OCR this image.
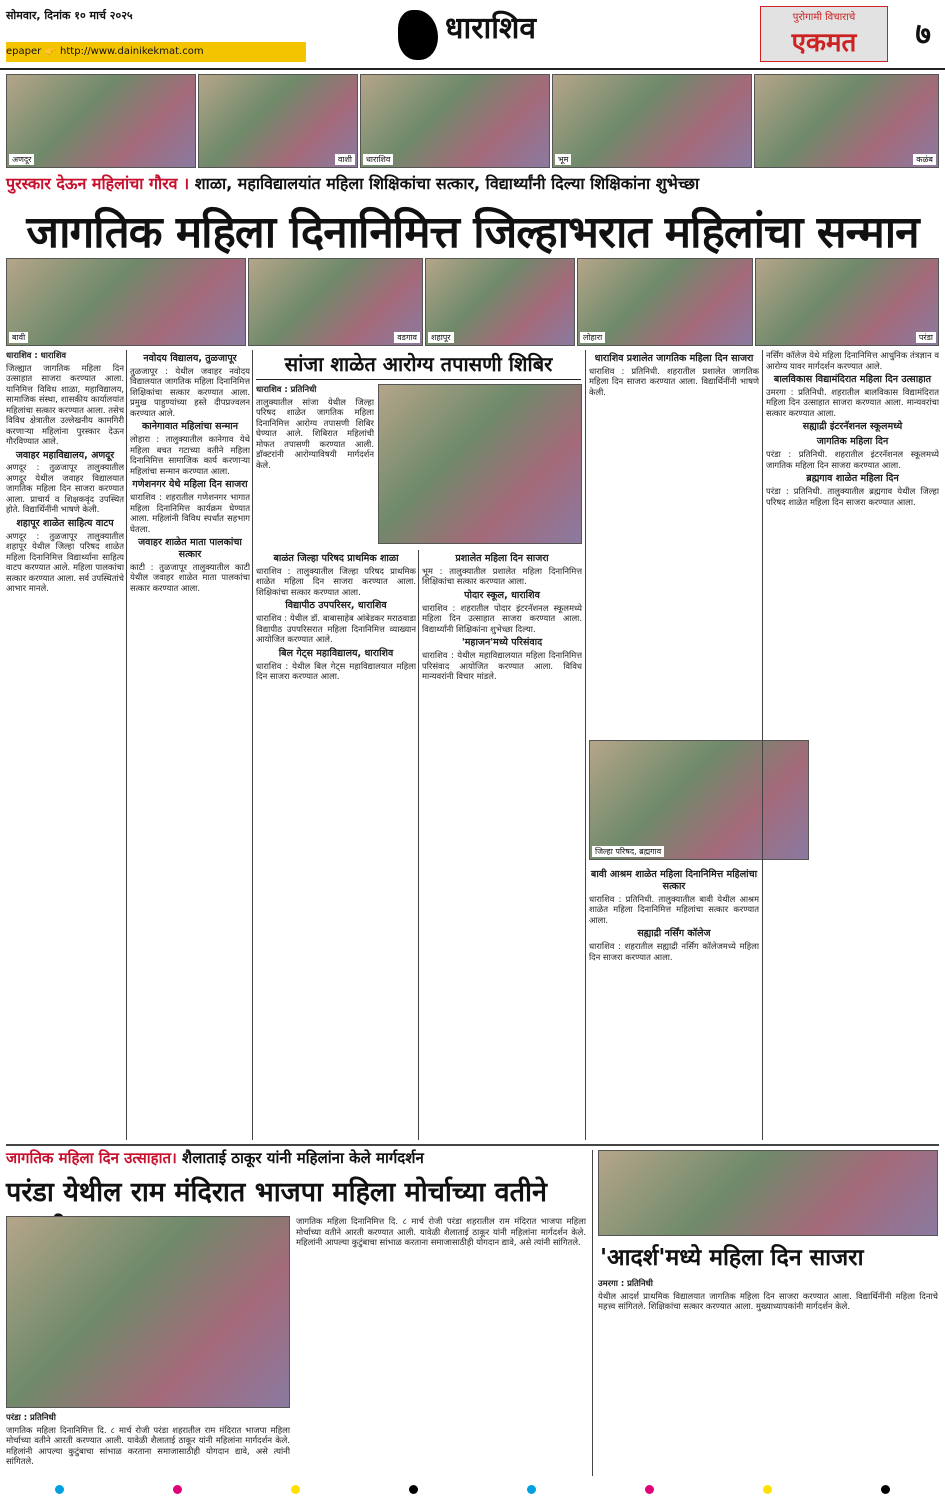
सोमवार, दिनांक १० मार्च २०२५
epaper 👉 http://www.dainikekmat.com
धाराशिव	पुरोगामी विचाराचे
एकमत	७
अणदूर	वाशी	धाराशिव	भूम	कळंब
पुरस्कार देऊन महिलांचा गौरव । शाळा, महाविद्यालयांत महिला शिक्षिकांचा सत्कार, विद्यार्थ्यांनी दिल्या शिक्षिकांना शुभेच्छा
जागतिक महिला दिनानिमित्त जिल्हाभरात महिलांचा सन्मान
बावी	वडगाव	शहापूर	लोहारा	परंडा

धाराशिव : धाराशिव

जिल्ह्यात जागतिक महिला दिन उत्साहात साजरा करण्यात आला. यानिमित्त विविध शाळा, महाविद्यालय, सामाजिक संस्था, शासकीय कार्यालयांत महिलांचा सत्कार करण्यात आला. तसेच विविध क्षेत्रातील उल्लेखनीय कामगिरी करणाऱ्या महिलांना पुरस्कार देऊन गौरविण्यात आले.

जवाहर महाविद्यालय, अणदूर

अणदूर : तुळजापूर तालुक्यातील अणदूर येथील जवाहर विद्यालयात जागतिक महिला दिन साजरा करण्यात आला. प्राचार्य व शिक्षकवृंद उपस्थित होते. विद्यार्थिनींनी भाषणे केली.

शहापूर शाळेत साहित्य वाटप

अणदूर : तुळजापूर तालुक्यातील शहापूर येथील जिल्हा परिषद शाळेत महिला दिनानिमित्त विद्यार्थ्यांना साहित्य वाटप करण्यात आले. महिला पालकांचा सत्कार करण्यात आला. सर्व उपस्थितांचे आभार मानले.

नवोदय विद्यालय, तुळजापूर

तुळजापूर : येथील जवाहर नवोदय विद्यालयात जागतिक महिला दिनानिमित्त शिक्षिकांचा सत्कार करण्यात आला. प्रमुख पाहुण्यांच्या हस्ते दीपप्रज्वलन करण्यात आले.

कानेगावात महिलांचा सन्मान

लोहारा : तालुक्यातील कानेगाव येथे महिला बचत गटाच्या वतीने महिला दिनानिमित्त सामाजिक कार्य करणाऱ्या महिलांचा सन्मान करण्यात आला.

गणेशनगर येथे महिला दिन साजरा

धाराशिव : शहरातील गणेशनगर भागात महिला दिनानिमित्त कार्यक्रम घेण्यात आला. महिलांनी विविध स्पर्धांत सहभाग घेतला.

जवाहर शाळेत माता पालकांचा सत्कार

काटी : तुळजापूर तालुक्यातील काटी येथील जवाहर शाळेत माता पालकांचा सत्कार करण्यात आला.

सांजा शाळेत आरोग्य तपासणी शिबिर

धाराशिव : प्रतिनिधी

तालुक्यातील सांजा येथील जिल्हा परिषद शाळेत जागतिक महिला दिनानिमित्त आरोग्य तपासणी शिबिर घेण्यात आले. शिबिरात महिलांची मोफत तपासणी करण्यात आली. डॉक्टरांनी आरोग्याविषयी मार्गदर्शन केले.

बाळंत जिल्हा परिषद प्राथमिक शाळा

धाराशिव : तालुक्यातील जिल्हा परिषद प्राथमिक शाळेत महिला दिन साजरा करण्यात आला. शिक्षिकांचा सत्कार करण्यात आला.

विद्यापीठ उपपरिसर, धाराशिव

धाराशिव : येथील डॉ. बाबासाहेब आंबेडकर मराठवाडा विद्यापीठ उपपरिसरात महिला दिनानिमित्त व्याख्यान आयोजित करण्यात आले.

बिल गेट्स महाविद्यालय, धाराशिव

धाराशिव : येथील बिल गेट्स महाविद्यालयात महिला दिन साजरा करण्यात आला.

प्रशालेत महिला दिन साजरा

भूम : तालुक्यातील प्रशालेत महिला दिनानिमित्त शिक्षिकांचा सत्कार करण्यात आला.

पोदार स्कूल, धाराशिव

धाराशिव : शहरातील पोदार इंटरनॅशनल स्कूलमध्ये महिला दिन उत्साहात साजरा करण्यात आला. विद्यार्थ्यांनी शिक्षिकांना शुभेच्छा दिल्या.

'महाजन'मध्ये परिसंवाद

धाराशिव : येथील महाविद्यालयात महिला दिनानिमित्त परिसंवाद आयोजित करण्यात आला. विविध मान्यवरांनी विचार मांडले.

धाराशिव प्रशालेत जागतिक महिला दिन साजरा

धाराशिव : प्रतिनिधी. शहरातील प्रशालेत जागतिक महिला दिन साजरा करण्यात आला. विद्यार्थिनींनी भाषणे केली.

जिल्हा परिषद, ब्रह्मगाव
बावी आश्रम शाळेत महिला दिनानिमित्त महिलांचा सत्कार

धाराशिव : प्रतिनिधी. तालुक्यातील बावी येथील आश्रम शाळेत महिला दिनानिमित्त महिलांचा सत्कार करण्यात आला.

सह्याद्री नर्सिंग कॉलेज

धाराशिव : शहरातील सह्याद्री नर्सिंग कॉलेजमध्ये महिला दिन साजरा करण्यात आला.

नर्सिंग कॉलेज येथे महिला दिनानिमित्त आधुनिक तंत्रज्ञान व आरोग्य यावर मार्गदर्शन करण्यात आले.

बालविकास विद्यामंदिरात महिला दिन उत्साहात

उमरगा : प्रतिनिधी. शहरातील बालविकास विद्यामंदिरात महिला दिन उत्साहात साजरा करण्यात आला. मान्यवरांचा सत्कार करण्यात आला.

सह्याद्री इंटरनॅशनल स्कूलमध्ये
जागतिक महिला दिन

परंडा : प्रतिनिधी. शहरातील इंटरनॅशनल स्कूलमध्ये जागतिक महिला दिन साजरा करण्यात आला.

ब्रह्मगाव शाळेत महिला दिन

परंडा : प्रतिनिधी. तालुक्यातील ब्रह्मगाव येथील जिल्हा परिषद शाळेत महिला दिन साजरा करण्यात आला.

जागतिक महिला दिन उत्साहात। शैलाताई ठाकूर यांनी महिलांना केले मार्गदर्शन
परंडा येथील राम मंदिरात भाजपा महिला मोर्चाच्या वतीने

परंडा : प्रतिनिधी

जागतिक महिला दिनानिमित्त दि. ८ मार्च रोजी परंडा शहरातील राम मंदिरात भाजपा महिला मोर्चाच्या वतीने आरती करण्यात आली. यावेळी शैलाताई ठाकूर यांनी महिलांना मार्गदर्शन केले. महिलांनी आपल्या कुटुंबाचा सांभाळ करताना समाजासाठीही योगदान द्यावे, असे त्यांनी सांगितले.

जागतिक महिला दिनानिमित्त दि. ८ मार्च रोजी परंडा शहरातील राम मंदिरात भाजपा महिला मोर्चाच्या वतीने आरती करण्यात आली. यावेळी शैलाताई ठाकूर यांनी महिलांना मार्गदर्शन केले. महिलांनी आपल्या कुटुंबाचा सांभाळ करताना समाजासाठीही योगदान द्यावे, असे त्यांनी सांगितले.

'आदर्श'मध्ये महिला दिन साजरा

उमरगा : प्रतिनिधी

येथील आदर्श प्राथमिक विद्यालयात जागतिक महिला दिन साजरा करण्यात आला. विद्यार्थिनींनी महिला दिनाचे महत्त्व सांगितले. शिक्षिकांचा सत्कार करण्यात आला. मुख्याध्यापकांनी मार्गदर्शन केले.
